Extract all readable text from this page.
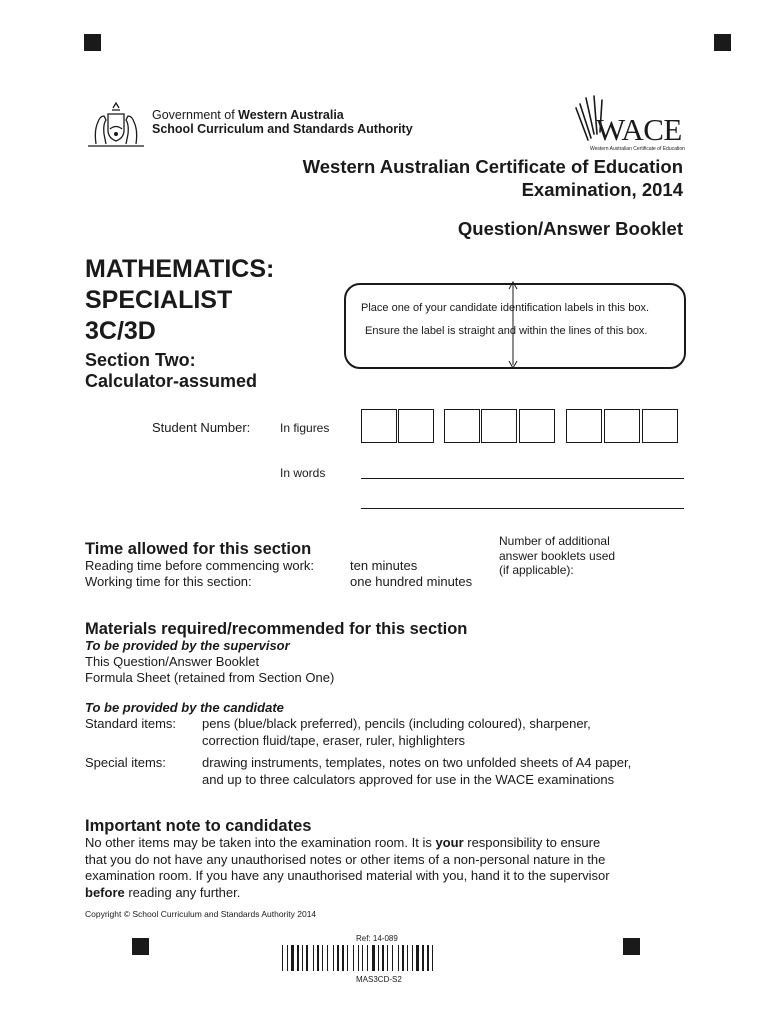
Government of Western Australia
School Curriculum and Standards Authority	WACE
Western Australian Certificate of Education
Western Australian Certificate of Education
Examination, 2014
Question/Answer Booklet
MATHEMATICS:
SPECIALIST
3C/3D
Section Two:
Calculator-assumed
Place one of your candidate identification labels in this box.
Ensure the label is straight and within the lines of this box.
Student Number: In figures
In words
Time allowed for this section
Reading time before commencing work:	ten minutes
Working time for this section:	one hundred minutes
Number of additional
answer booklets used
(if applicable):
Materials required/recommended for this section
To be provided by the supervisor
This Question/Answer Booklet
Formula Sheet (retained from Section One)
To be provided by the candidate
Standard items: pens (blue/black preferred), pencils (including coloured), sharpener,
correction fluid/tape, eraser, ruler, highlighters
Special items:	drawing instruments, templates, notes on two unfolded sheets of A4 paper,
and up to three calculators approved for use in the WACE examinations
Important note to candidates
No other items may be taken into the examination room. It is your responsibility to ensure
that you do not have any unauthorised notes or other items of a non-personal nature in the
examination room. If you have any unauthorised material with you, hand it to the supervisor
before reading any further.
Copyright © School Curriculum and Standards Authority 2014
Ref: 14-089
MAS3CD-S2
